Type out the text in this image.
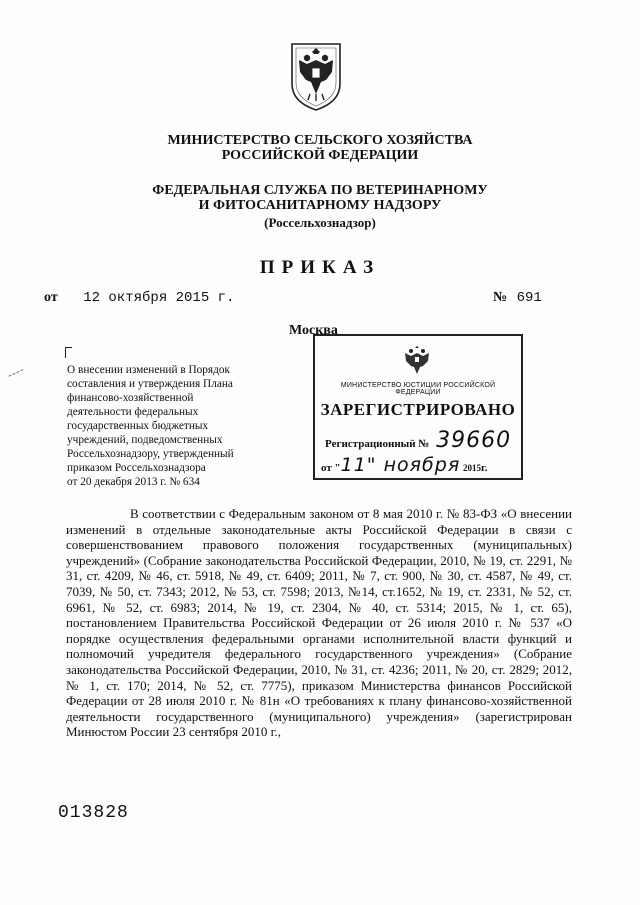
МИНИСТЕРСТВО СЕЛЬСКОГО ХОЗЯЙСТВА
РОССИЙСКОЙ ФЕДЕРАЦИИ
ФЕДЕРАЛЬНАЯ СЛУЖБА ПО ВЕТЕРИНАРНОМУ
И ФИТОСАНИТАРНОМУ НАДЗОРУ
(Россельхознадзор)
ПРИКАЗ
от 12 октября 2015 г.	№ 691
Москва
О внесении изменений в Порядок
составления и утверждения Плана
финансово-хозяйственной
деятельности федеральных
государственных бюджетных
учреждений, подведомственных
Россельхознадзору, утвержденный
приказом Россельхознадзора
от 20 декабря 2013 г. № 634
МИНИСТЕРСТВО ЮСТИЦИИ РОССИЙСКОЙ ФЕДЕРАЦИИ
ЗАРЕГИСТРИРОВАНО
Регистрационный № 39660
от "11" ноября 2015г.
В соответствии с Федеральным законом от 8 мая 2010 г. № 83-ФЗ «О внесении изменений в отдельные законодательные акты Российской Федерации в связи с совершенствованием правового положения государственных (муниципальных) учреждений» (Собрание законодательства Российской Федерации, 2010, № 19, ст. 2291, № 31, ст. 4209, № 46, ст. 5918, № 49, ст. 6409; 2011, № 7, ст. 900, № 30, ст. 4587, № 49, ст. 7039, № 50, ст. 7343; 2012, № 53, ст. 7598; 2013, №14, ст.1652, № 19, ст. 2331, № 52, ст. 6961, № 52, ст. 6983; 2014, № 19, ст. 2304, № 40, ст. 5314; 2015, № 1, ст. 65), постановлением Правительства Российской Федерации от 26 июля 2010 г. № 537 «О порядке осуществления федеральными органами исполнительной власти функций и полномочий учредителя федерального государственного учреждения» (Собрание законодательства Российской Федерации, 2010, № 31, ст. 4236; 2011, № 20, ст. 2829; 2012, № 1, ст. 170; 2014, № 52, ст. 7775), приказом Министерства финансов Российской Федерации от 28 июля 2010 г. № 81н «О требованиях к плану финансово-хозяйственной деятельности государственного (муниципального) учреждения» (зарегистрирован Минюстом России 23 сентября 2010 г.,
013828
